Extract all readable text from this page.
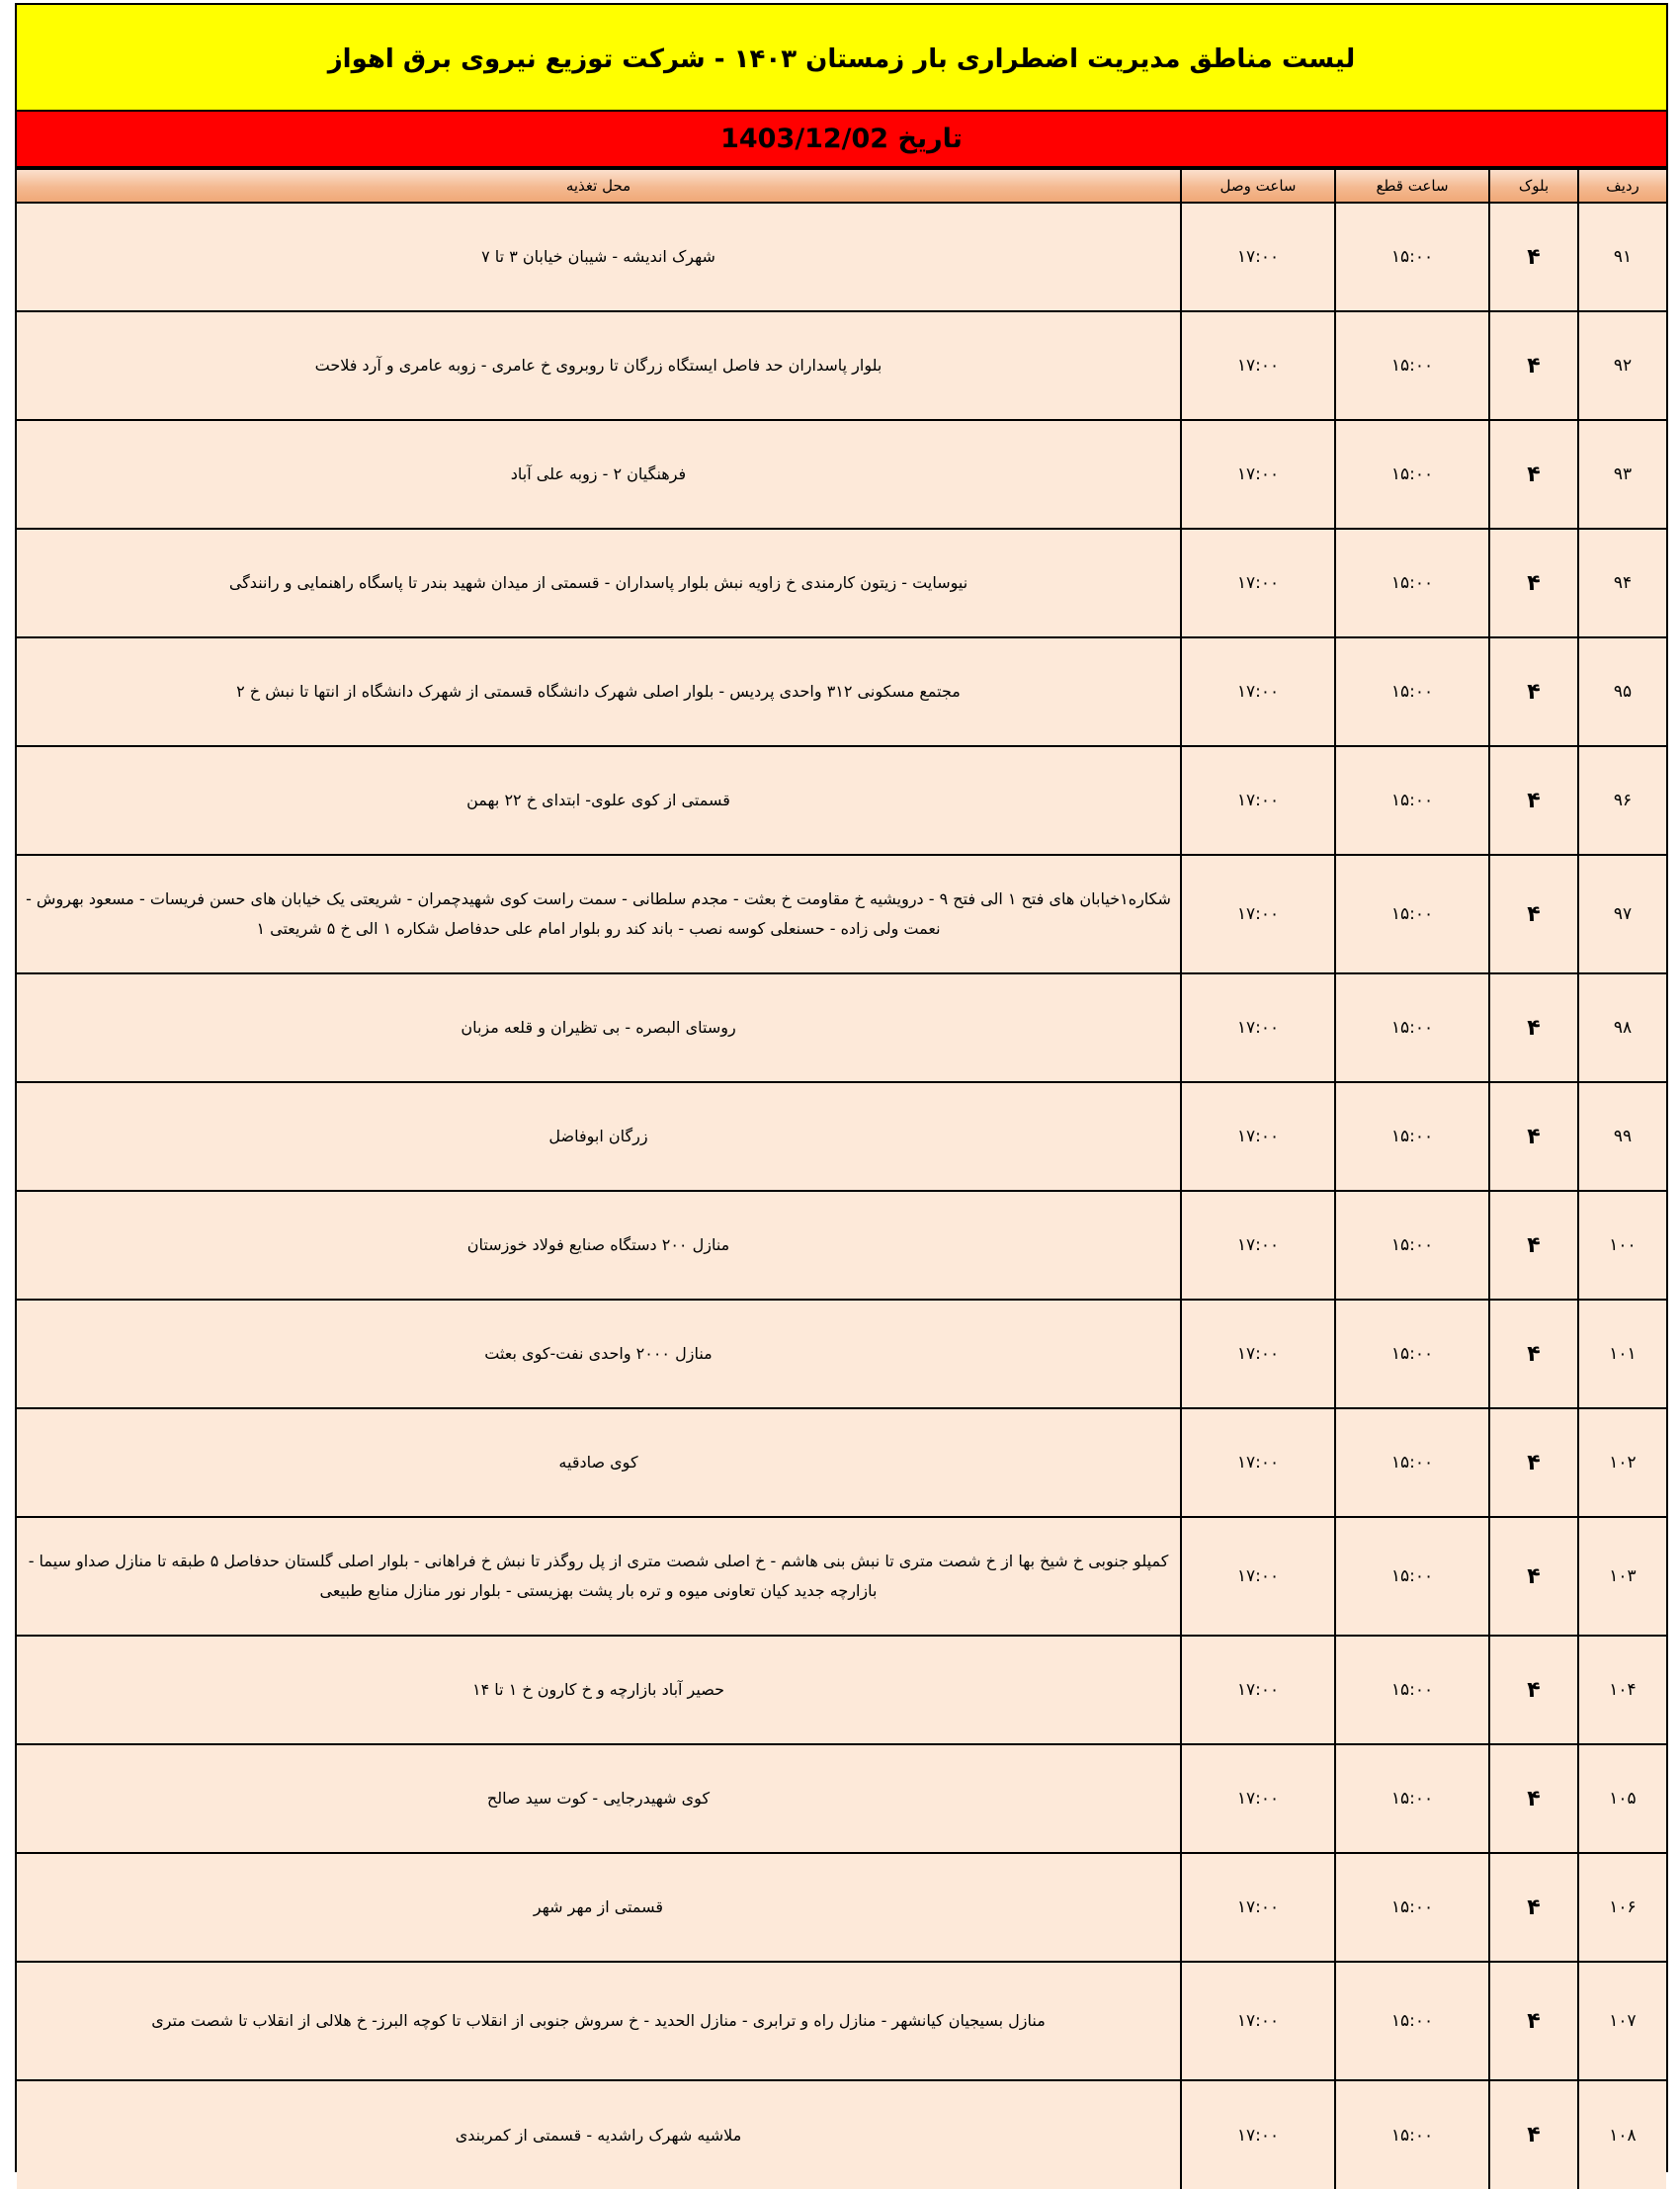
لیست مناطق مدیریت اضطراری بار زمستان ۱۴۰۳ - شرکت توزیع نیروی برق اهواز
تاریخ 1403/12/02
ردیف	بلوک	ساعت قطع	ساعت وصل	محل تغذیه
۹۱	۴	۱۵:۰۰	۱۷:۰۰	شهرک اندیشه - شیبان خیابان ۳ تا ۷
۹۲	۴	۱۵:۰۰	۱۷:۰۰	بلوار پاسداران حد فاصل ایستگاه زرگان تا روبروی خ عامری - زوبه عامری و آرد فلاحت
۹۳	۴	۱۵:۰۰	۱۷:۰۰	فرهنگیان ۲ - زوبه علی آباد
۹۴	۴	۱۵:۰۰	۱۷:۰۰	نیوسایت - زیتون کارمندی خ زاویه نبش بلوار پاسداران - قسمتی از میدان شهید بندر تا پاسگاه راهنمایی و رانندگی
۹۵	۴	۱۵:۰۰	۱۷:۰۰	مجتمع مسکونی ۳۱۲ واحدی پردیس - بلوار اصلی شهرک دانشگاه قسمتی از شهرک دانشگاه از انتها تا نبش خ ۲
۹۶	۴	۱۵:۰۰	۱۷:۰۰	قسمتی از کوی علوی- ابتدای خ ۲۲ بهمن
۹۷	۴	۱۵:۰۰	۱۷:۰۰	شکاره۱خیابان های فتح ۱ الی فتح ۹ - درویشیه خ مقاومت خ بعثت - مجدم سلطانی - سمت راست کوی شهیدچمران - شریعتی یک خیابان های حسن فریسات - مسعود بهروش - نعمت ولی زاده - حسنعلی کوسه نصب - باند کند رو بلوار امام علی حدفاصل شکاره ۱ الی خ ۵ شریعتی ۱
۹۸	۴	۱۵:۰۰	۱۷:۰۰	روستای البصره - بی تظیران و قلعه مزبان
۹۹	۴	۱۵:۰۰	۱۷:۰۰	زرگان ابوفاضل
۱۰۰	۴	۱۵:۰۰	۱۷:۰۰	منازل ۲۰۰ دستگاه صنایع فولاد خوزستان
۱۰۱	۴	۱۵:۰۰	۱۷:۰۰	منازل ۲۰۰۰ واحدی نفت-کوی بعثت
۱۰۲	۴	۱۵:۰۰	۱۷:۰۰	کوی صادقیه
۱۰۳	۴	۱۵:۰۰	۱۷:۰۰	کمپلو جنوبی خ شیخ بها از خ شصت متری تا نبش بنی هاشم - خ اصلی شصت متری از پل روگذر تا نبش خ فراهانی - بلوار اصلی گلستان حدفاصل ۵ طبقه تا منازل صداو سیما - بازارچه جدید کیان تعاونی میوه و تره بار پشت بهزیستی - بلوار نور منازل منابع طبیعی
۱۰۴	۴	۱۵:۰۰	۱۷:۰۰	حصیر آباد بازارچه و خ کارون خ ۱ تا ۱۴
۱۰۵	۴	۱۵:۰۰	۱۷:۰۰	کوی شهیدرجایی - کوت سید صالح
۱۰۶	۴	۱۵:۰۰	۱۷:۰۰	قسمتی از مهر شهر
۱۰۷	۴	۱۵:۰۰	۱۷:۰۰	منازل بسیجیان کیانشهر - منازل راه و ترابری - منازل الحدید - خ سروش جنوبی از انقلاب تا کوچه البرز- خ هلالی از انقلاب تا شصت متری
۱۰۸	۴	۱۵:۰۰	۱۷:۰۰	ملاشیه شهرک راشدیه - قسمتی از کمربندی
